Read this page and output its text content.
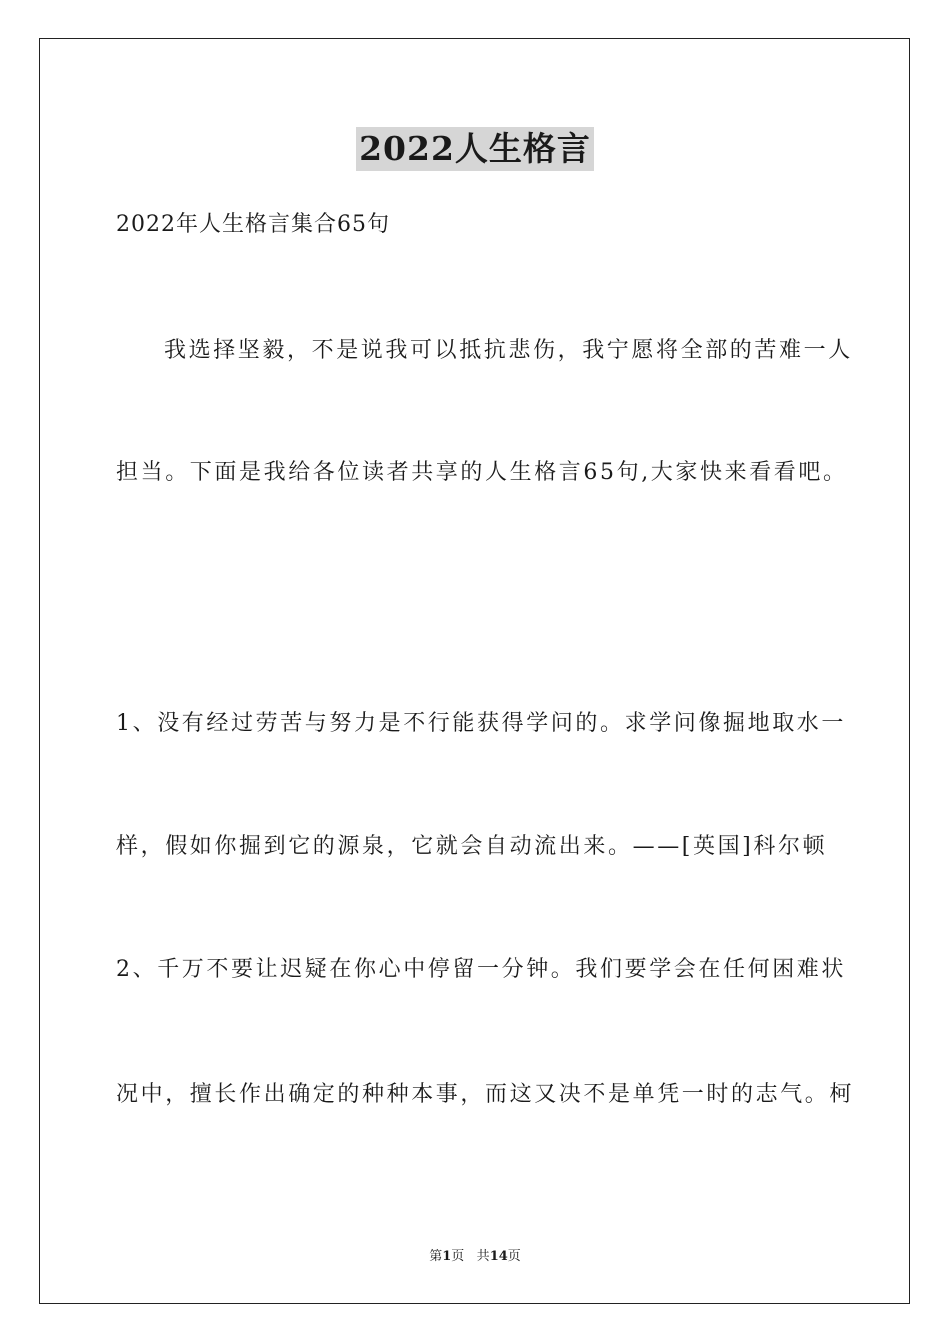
2022人生格言
2022年人生格言集合65句
我选择坚毅，不是说我可以抵抗悲伤，我宁愿将全部的苦难一人
担当。下面是我给各位读者共享的人生格言65句,大家快来看看吧。
1、没有经过劳苦与努力是不行能获得学问的。求学问像掘地取水一
样，假如你掘到它的源泉，它就会自动流出来。——[英国]科尔顿
2、千万不要让迟疑在你心中停留一分钟。我们要学会在任何困难状
况中，擅长作出确定的种种本事，而这又决不是单凭一时的志气。柯
第1页 共14页
